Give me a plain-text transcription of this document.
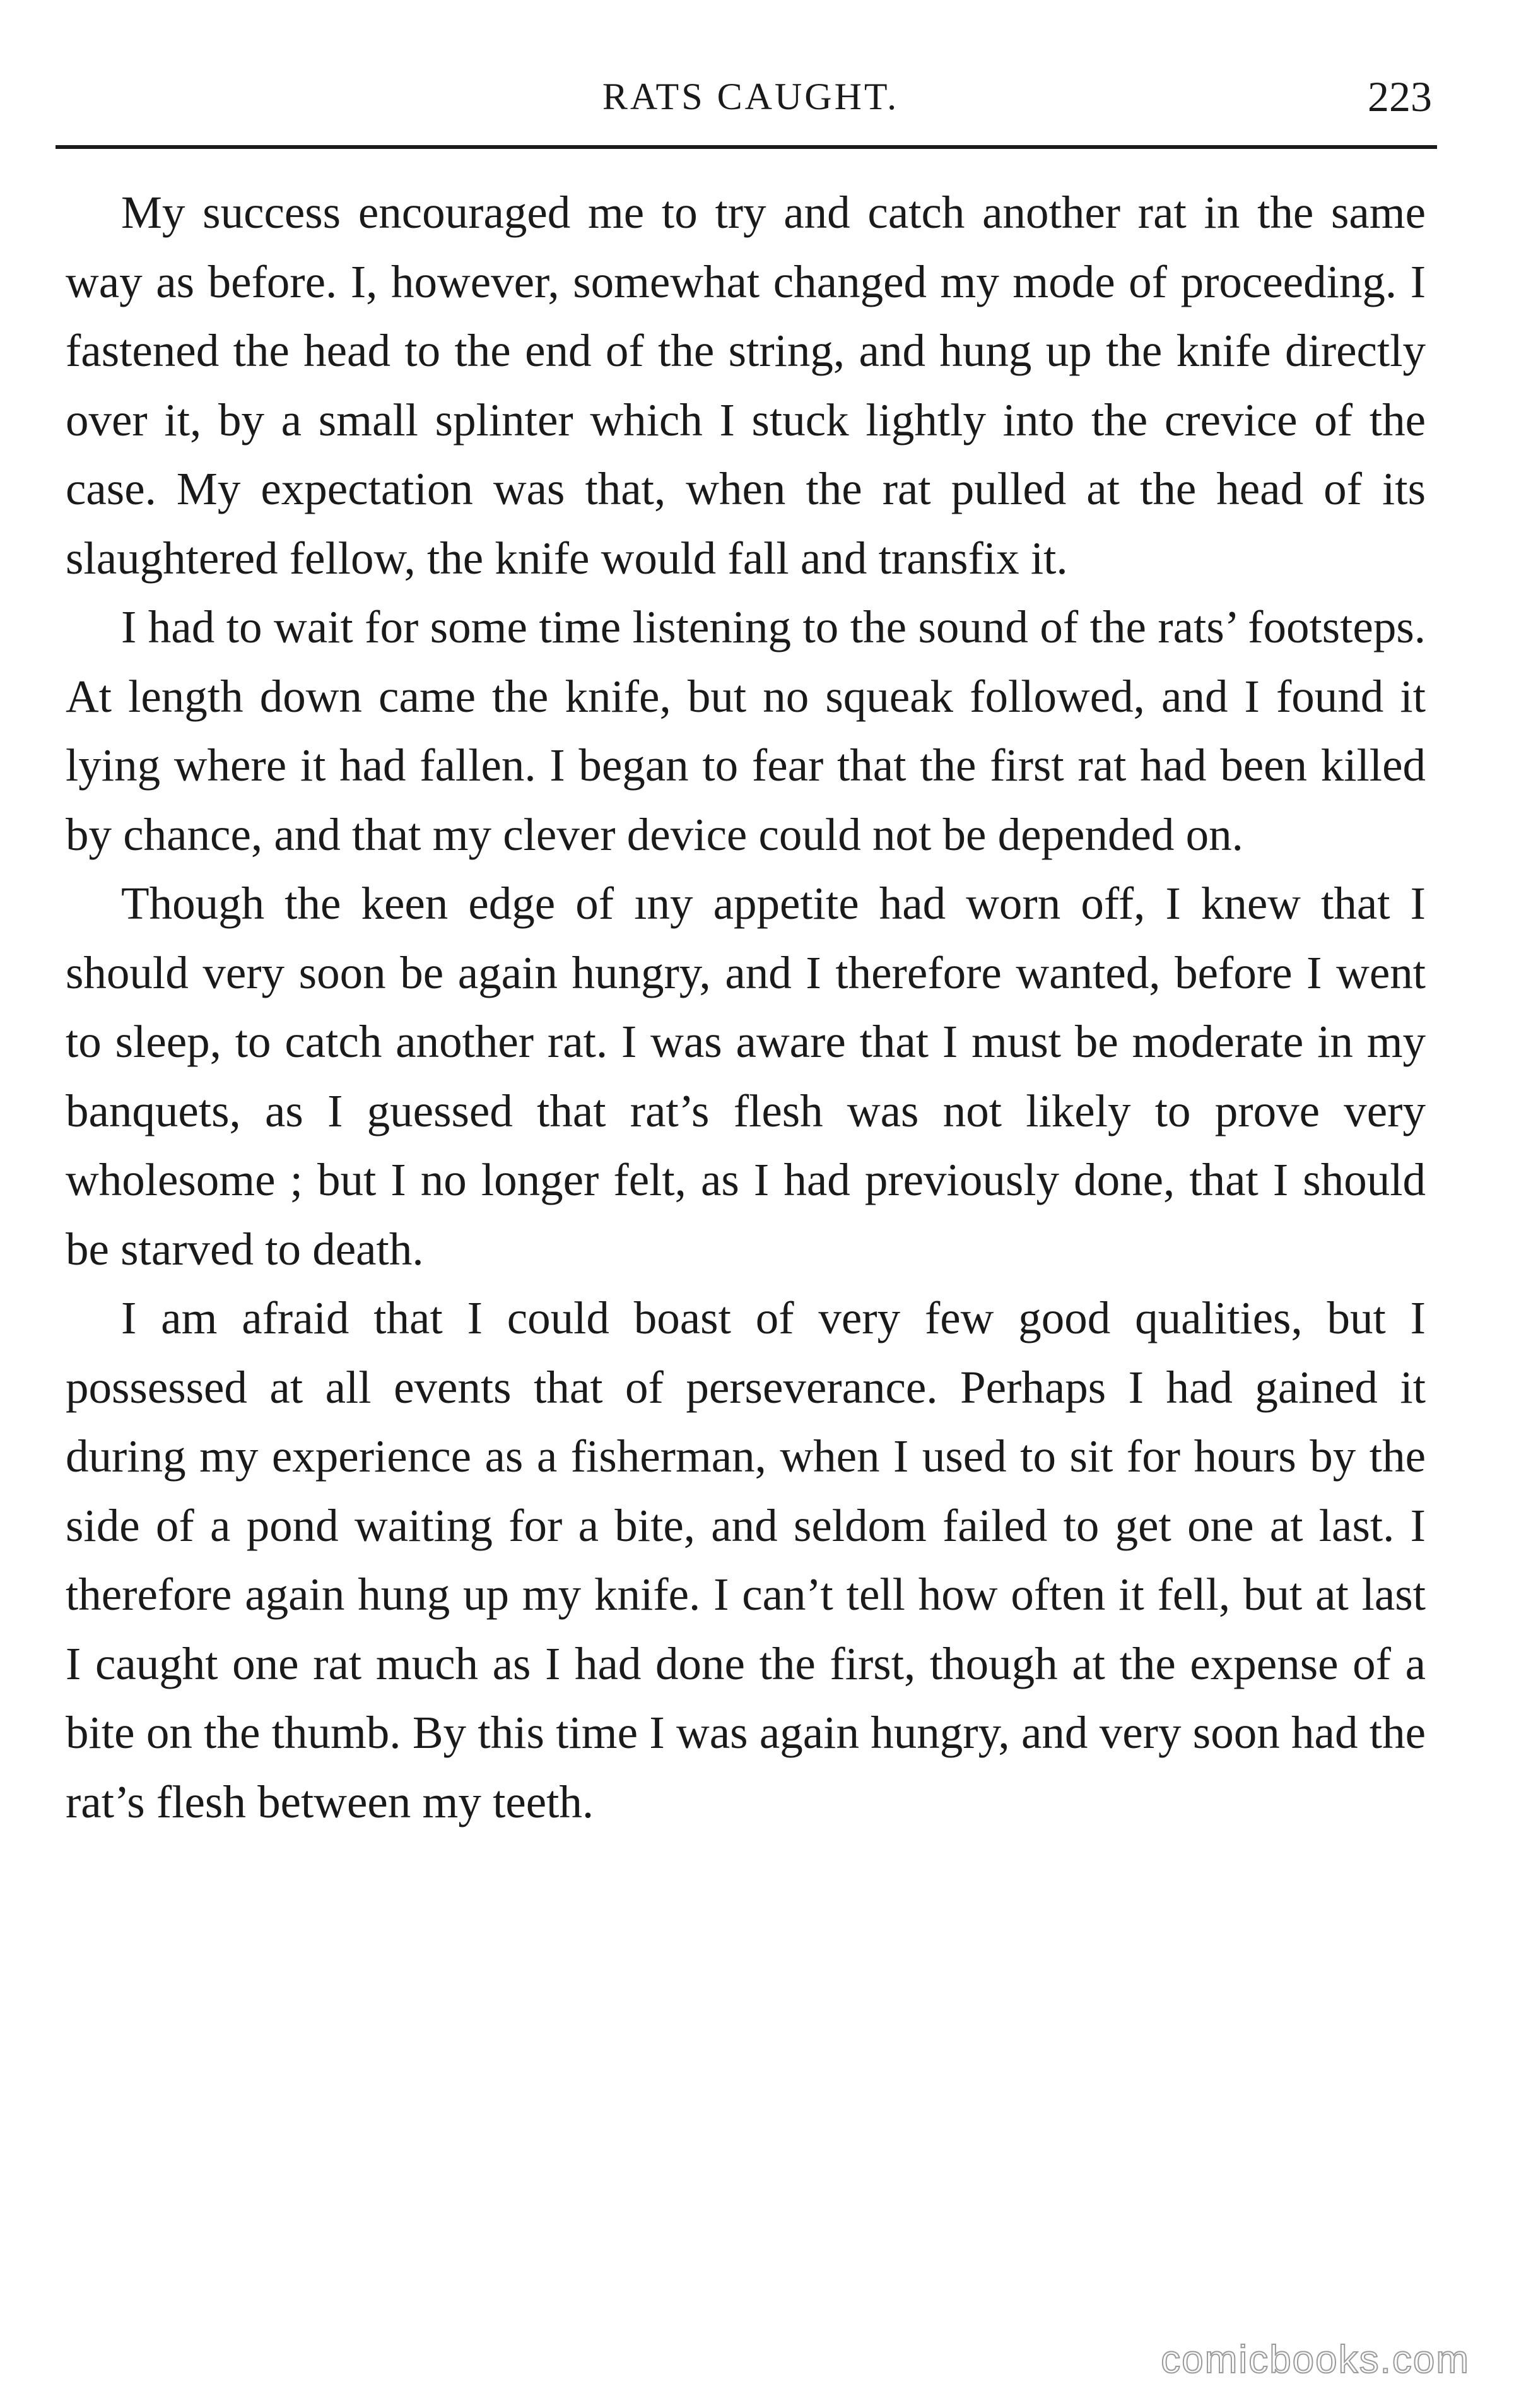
RATS CAUGHT.	223

My success encouraged me to try and catch another rat in the same way as before. I, however, somewhat changed my mode of proceeding. I fastened the head to the end of the string, and hung up the knife directly over it, by a small splinter which I stuck lightly into the crevice of the case. My expectation was that, when the rat pulled at the head of its slaughtered fellow, the knife would fall and transfix it.

I had to wait for some time listening to the sound of the rats’ footsteps. At length down came the knife, but no squeak followed, and I found it lying where it had fallen. I began to fear that the first rat had been killed by chance, and that my clever device could not be depended on.

Though the keen edge of ıny appetite had worn off, I knew that I should very soon be again hungry, and I therefore wanted, before I went to sleep, to catch another rat. I was aware that I must be moderate in my banquets, as I guessed that rat’s flesh was not likely to prove very wholesome ; but I no longer felt, as I had previously done, that I should be starved to death.

I am afraid that I could boast of very few good qualities, but I possessed at all events that of perseverance. Perhaps I had gained it during my experience as a fisherman, when I used to sit for hours by the side of a pond waiting for a bite, and seldom failed to get one at last. I therefore again hung up my knife. I can’t tell how often it fell, but at last I caught one rat much as I had done the first, though at the expense of a bite on the thumb. By this time I was again hungry, and very soon had the rat’s flesh between my teeth.

comicbooks.com
